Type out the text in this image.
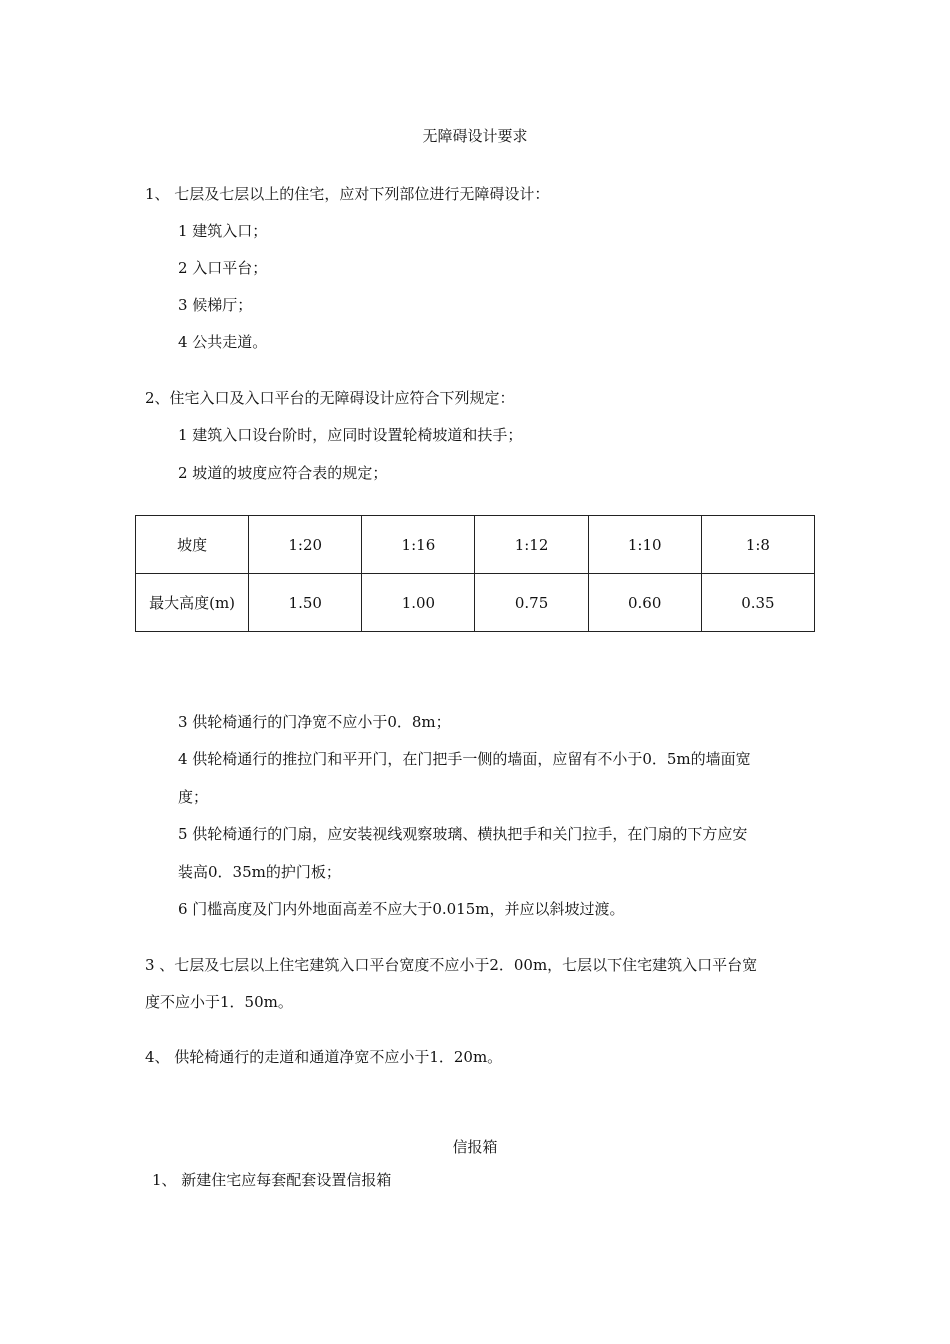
无障碍设计要求
1、 七层及七层以上的住宅，应对下列部位进行无障碍设计：
1 建筑入口；
2 入口平台；
3 候梯厅；
4 公共走道。
2、住宅入口及入口平台的无障碍设计应符合下列规定：
1 建筑入口设台阶时，应同时设置轮椅坡道和扶手；
2 坡道的坡度应符合表的规定；
坡度	1:20	1:16	1:12	1:10	1:8
最大高度(m)	1.50	1.00	0.75	0.60	0.35
3 供轮椅通行的门净宽不应小于0．8m；
4 供轮椅通行的推拉门和平开门，在门把手一侧的墙面，应留有不小于0．5m的墙面宽
度；
5 供轮椅通行的门扇，应安装视线观察玻璃、横执把手和关门拉手，在门扇的下方应安
装高0．35m的护门板；
6 门槛高度及门内外地面高差不应大于0.015m，并应以斜坡过渡。
3 、七层及七层以上住宅建筑入口平台宽度不应小于2．00m，七层以下住宅建筑入口平台宽
度不应小于1．50m。
4、 供轮椅通行的走道和通道净宽不应小于1．20m。
信报箱
1、 新建住宅应每套配套设置信报箱
